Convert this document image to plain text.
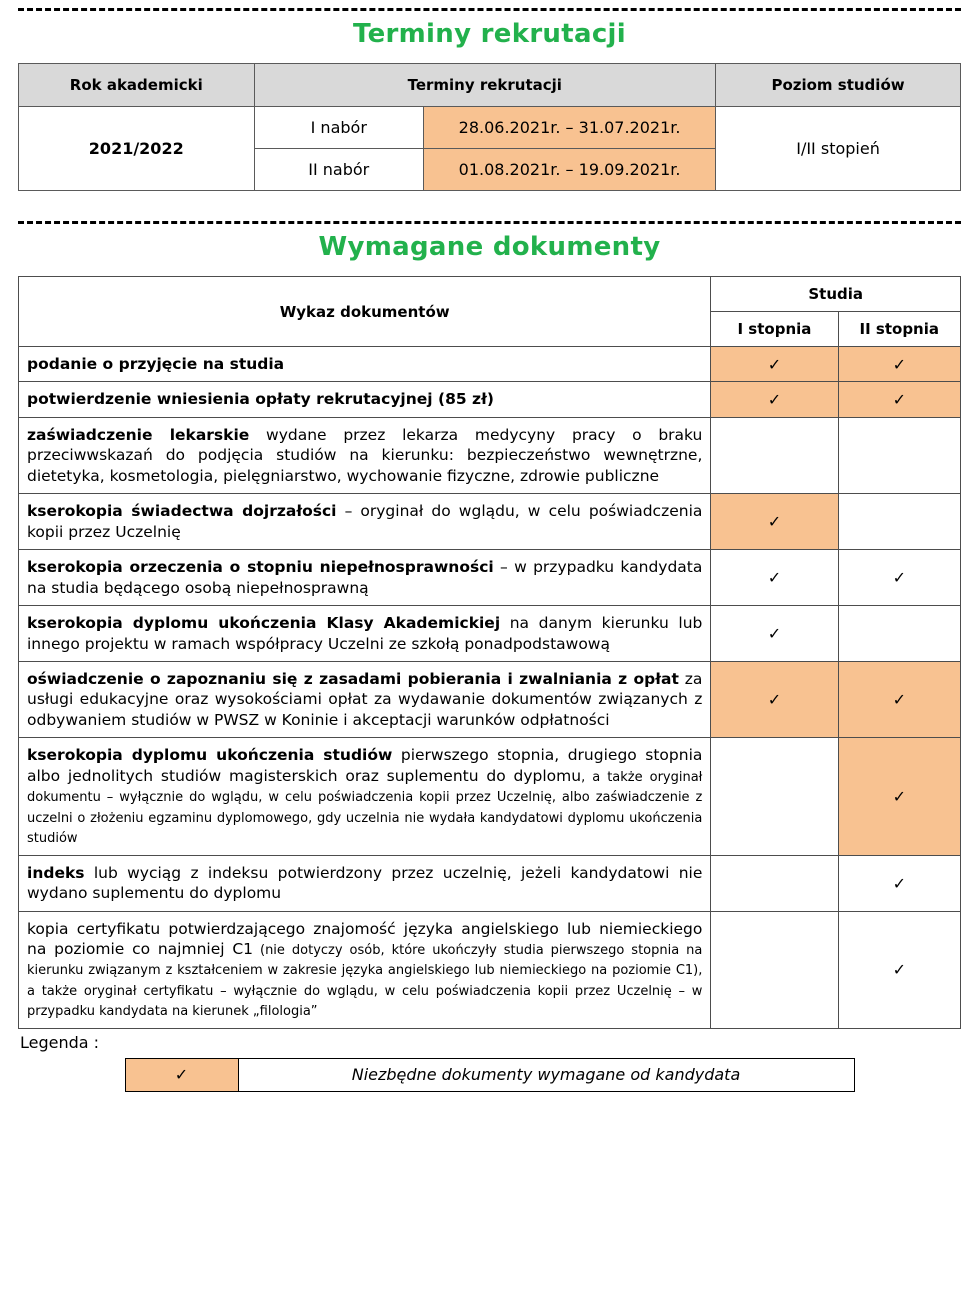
Terminy rekrutacji
Rok akademicki	Terminy rekrutacji		Poziom studiów
2021/2022	I nabór	28.06.2021r. – 31.07.2021r.	I/II stopień
	II nabór	01.08.2021r. – 19.09.2021r.	
Wymagane dokumenty
Wykaz dokumentów	Studia	
	I stopnia	II stopnia
podanie o przyjęcie na studia	✓	✓
potwierdzenie wniesienia opłaty rekrutacyjnej (85 zł)	✓	✓
zaświadczenie lekarskie wydane przez lekarza medycyny pracy o braku przeciwwskazań do podjęcia studiów na kierunku: bezpieczeństwo wewnętrzne, dietetyka, kosmetologia, pielęgniarstwo, wychowanie fizyczne, zdrowie publiczne		
kserokopia świadectwa dojrzałości – oryginał do wglądu, w celu poświadczenia kopii przez Uczelnię	✓	
kserokopia orzeczenia o stopniu niepełnosprawności – w przypadku kandydata na studia będącego osobą niepełnosprawną	✓	✓
kserokopia dyplomu ukończenia Klasy Akademickiej na danym kierunku lub innego projektu w ramach współpracy Uczelni ze szkołą ponadpodstawową	✓	
oświadczenie o zapoznaniu się z zasadami pobierania i zwalniania z opłat za usługi edukacyjne oraz wysokościami opłat za wydawanie dokumentów związanych z odbywaniem studiów w PWSZ w Koninie i akceptacji warunków odpłatności	✓	✓
kserokopia dyplomu ukończenia studiów pierwszego stopnia, drugiego stopnia albo jednolitych studiów magisterskich oraz suplementu do dyplomu, a także oryginał dokumentu – wyłącznie do wglądu, w celu poświadczenia kopii przez Uczelnię, albo zaświadczenie z uczelni o złożeniu egzaminu dyplomowego, gdy uczelnia nie wydała kandydatowi dyplomu ukończenia studiów		✓
indeks lub wyciąg z indeksu potwierdzony przez uczelnię, jeżeli kandydatowi nie wydano suplementu do dyplomu		✓
kopia certyfikatu potwierdzającego znajomość języka angielskiego lub niemieckiego na poziomie co najmniej C1 (nie dotyczy osób, które ukończyły studia pierwszego stopnia na kierunku związanym z kształceniem w zakresie języka angielskiego lub niemieckiego na poziomie C1), a także oryginał certyfikatu – wyłącznie do wglądu, w celu poświadczenia kopii przez Uczelnię – w przypadku kandydata na kierunek „filologia”		✓
Legenda :
✓	Niezbędne dokumenty wymagane od kandydata
